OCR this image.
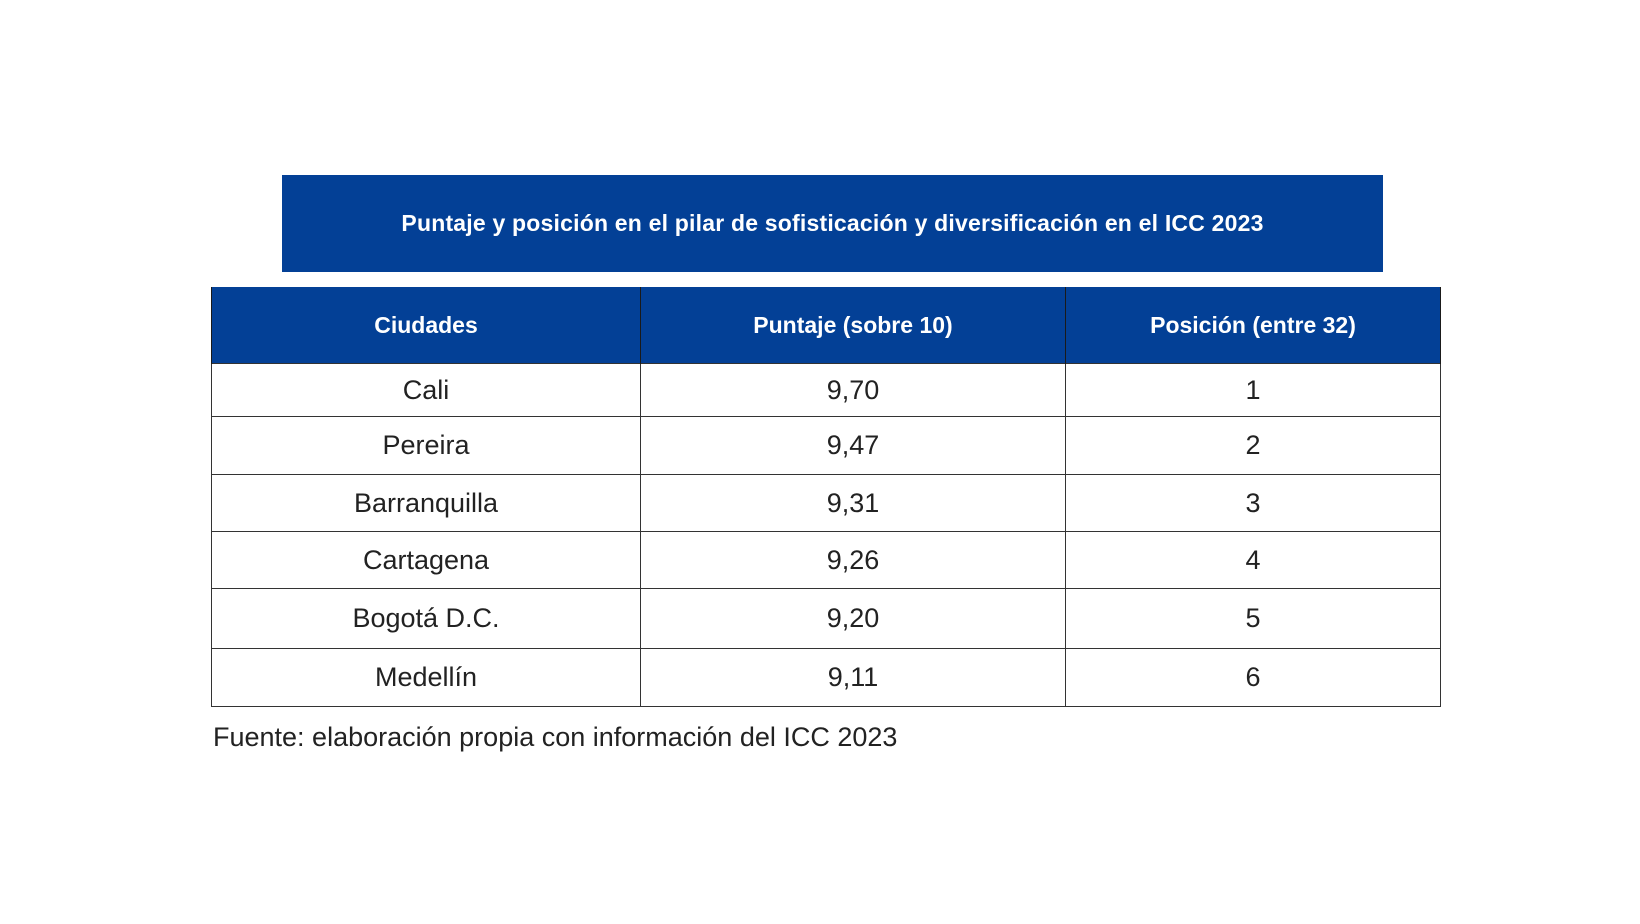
Puntaje y posición en el pilar de sofisticación y diversificación en el ICC 2023
Ciudades	Puntaje (sobre 10)	Posición (entre 32)
Cali	9,70	1
Pereira	9,47	2
Barranquilla	9,31	3
Cartagena	9,26	4
Bogotá D.C.	9,20	5
Medellín	9,11	6
Fuente: elaboración propia con información del ICC 2023
